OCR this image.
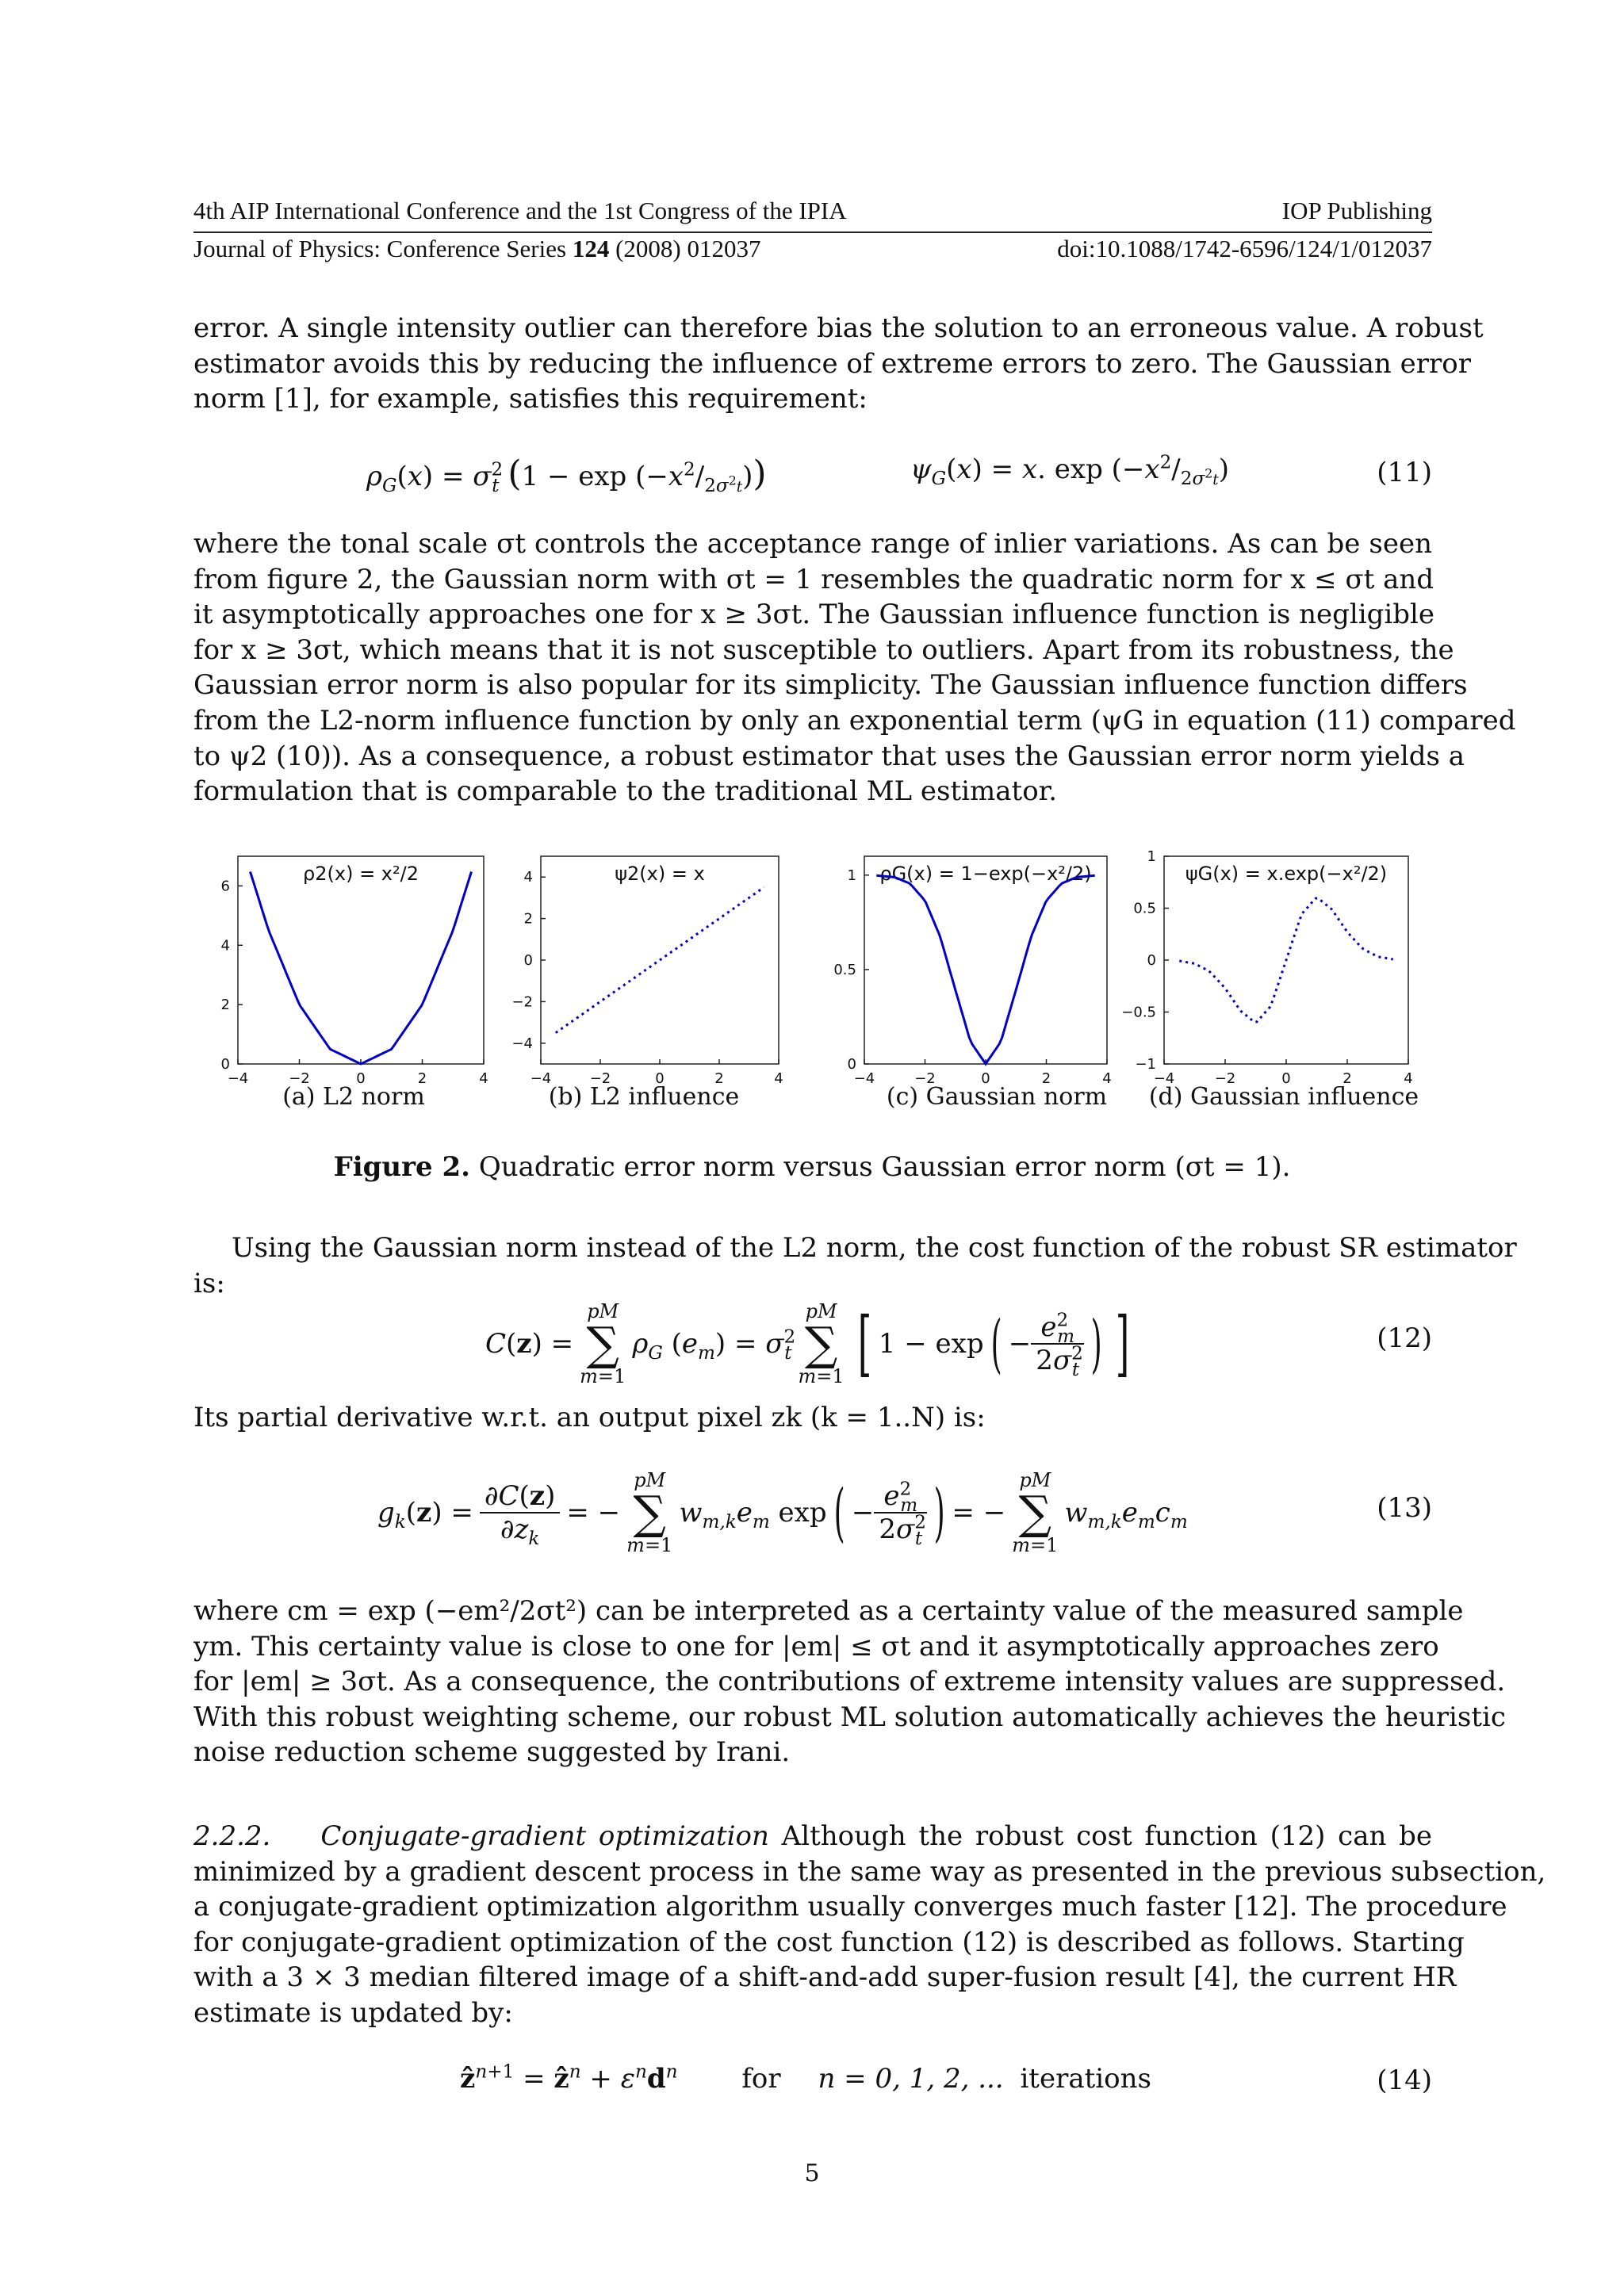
4th AIP International Conference and the 1st Congress of the IPIA	IOP Publishing
Journal of Physics: Conference Series 124 (2008) 012037	doi:10.1088/1742-6596/124/1/012037
error. A single intensity outlier can therefore bias the solution to an erroneous value. A robust
estimator avoids this by reducing the influence of extreme errors to zero. The Gaussian error
norm [1], for example, satisfies this requirement:
$\rho_G(x) = \sigma^2_t$ $(1 - \exp (-x^2/_{2\sigma^2t}))$	$\psi_G(x) = x$. $\exp (-x^2/_{2\sigma^2t})$	(11)
where the tonal scale σt controls the acceptance range of inlier variations. As can be seen
from figure 2, the Gaussian norm with σt = 1 resembles the quadratic norm for x ≤ σt and
it asymptotically approaches one for x ≥ 3σt. The Gaussian influence function is negligible
for x ≥ 3σt, which means that it is not susceptible to outliers. Apart from its robustness, the
Gaussian error norm is also popular for its simplicity. The Gaussian influence function differs
from the L2-norm influence function by only an exponential term (ψG in equation (11) compared
to ψ2 (10)). As a consequence, a robust estimator that uses the Gaussian error norm yields a
formulation that is comparable to the traditional ML estimator.
−4	−2	0	2	4
0
2
4
6
ρ2(x) = x²/2
−4	−2	0	2	4
−4
−2
0
2
4	ψ2(x) = x
−4	−2	0	2	4
0
0.5
1 ρG(x) = 1−exp(−x²/2)
−4	−2	0	2	4
−1
−0.5
0
0.5
1
ψG(x) = x.exp(−x²/2)
(a) L2 norm	(b) L2 influence	(c) Gaussian norm	(d) Gaussian influence
Figure 2. Quadratic error norm versus Gaussian error norm (σt = 1).
Using the Gaussian norm instead of the L2 norm, the cost function of the robust SR estimator
is:
C(z) =
pM
∑
m=1
$\rho_G$ $(e_m) = \sigma^2_t$
pM
∑
m=1 [ 1 − exp ( − $\frac{e^2_m}{2\sigma^2_t}$ ) ]	(12)
Its partial derivative w.r.t. an output pixel zk (k = 1..N) is:
$g_k(z) = \frac{\partial C(z)}{\partial z_k}$ = −
pM
∑
m=1
$w_{m,k}e_m$ exp ( − $\frac{e^2_m}{2\sigma^2_t}$ ) = −
pM
∑
m=1
$w_{m,k}e_mc_m$	(13)
where cm = exp (−em²/2σt²) can be interpreted as a certainty value of the measured sample
ym. This certainty value is close to one for |em| ≤ σt and it asymptotically approaches zero
for |em| ≥ 3σt. As a consequence, the contributions of extreme intensity values are suppressed.
With this robust weighting scheme, our robust ML solution automatically achieves the heuristic
noise reduction scheme suggested by Irani.
2.2.2. Conjugate-gradient optimization Although the robust cost function (12) can be
minimized by a gradient descent process in the same way as presented in the previous subsection,
a conjugate-gradient optimization algorithm usually converges much faster [12]. The procedure
for conjugate-gradient optimization of the cost function (12) is described as follows. Starting
with a 3 × 3 median filtered image of a shift-and-add super-fusion result [4], the current HR
estimate is updated by:
ẑ$^{n+1}$ = ẑ$^n$ + $\varepsilon^nd^n$ for n = 0, 1, 2, ... iterations	(14)
5
